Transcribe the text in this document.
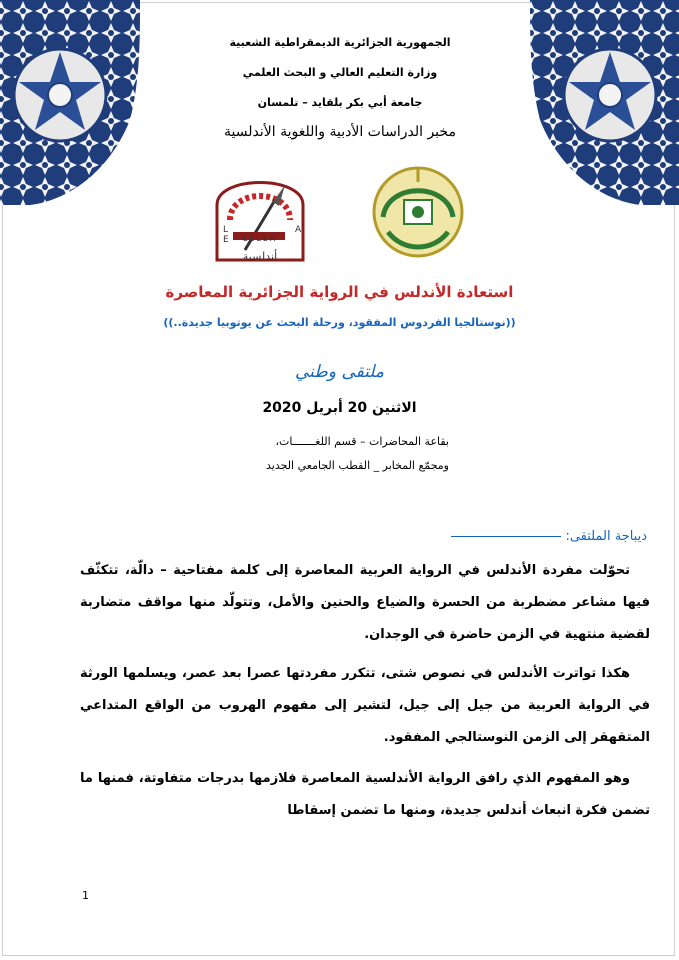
الجمهورية الجزائرية الديمقراطية الشعبية
وزارة التعليم العالي و البحث العلمي
جامعة أبي بكر بلقايد – تلمسان
مخبر الدراسات الأدبية واللغوية الأندلسية
L
E
A
LELLA
أندلسية
استعادة الأندلس في الرواية الجزائرية المعاصرة
((نوستالجيا الفردوس المفقود، ورحلة البحث عن يوتوبيا جديدة..))
ملتقى وطني
الاثنين 20 أبريل 2020
بقاعة المحاضرات – قسم اللغـــــــات،
ومجمّع المخابر _ القطب الجامعي الجديد
ديباجة الملتقى:
تحوّلت مفردة الأندلس في الرواية العربية المعاصرة إلى كلمة مفتاحية – دالّة، تتكثّف فيها مشاعر مضطربة من الحسرة والضياع والحنين والأمل، وتتولّد منها مواقف متضاربة لقضية منتهية في الزمن حاضرة في الوجدان.
هكذا تواترت الأندلس في نصوص شتى، تتكرر مفردتها عصرا بعد عصر، ويسلمها الورثة في الرواية العربية من جيل إلى جيل، لتشير إلى مفهوم الهروب من الواقع المتداعي المتقهقر إلى الزمن النوستالجي المفقود.
وهو المفهوم الذي رافق الرواية الأندلسية المعاصرة فلازمها بدرجات متفاوتة، فمنها ما تضمن فكرة انبعاث أندلس جديدة، ومنها ما تضمن إسقاطا
1
